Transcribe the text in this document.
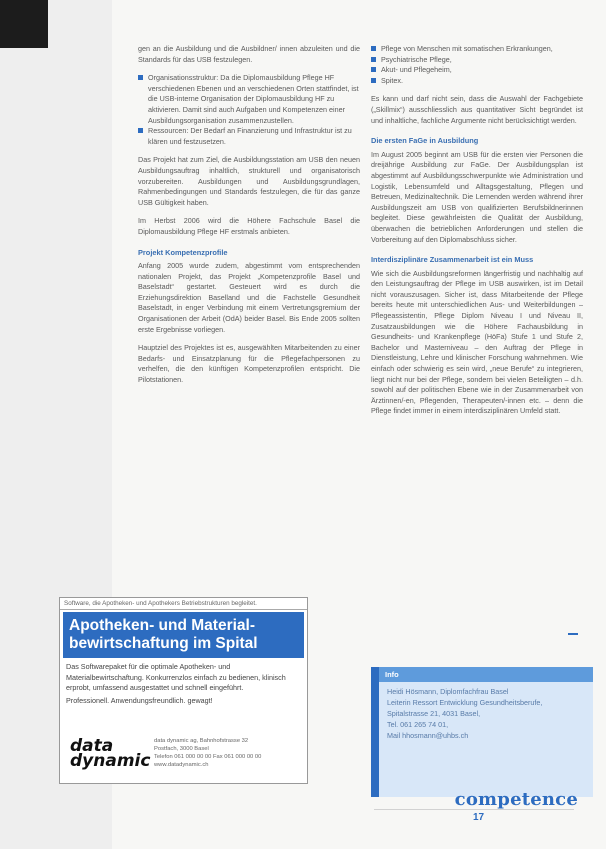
gen an die Ausbildung und die Ausbildner/ innen abzuleiten und die Standards für das USB festzulegen.

Organisationsstruktur: Da die Diplomausbildung Pflege HF verschiedenen Ebenen und an verschiedenen Orten stattfindet, ist die USB-interne Organisation der Diplomausbildung HF zu aktivieren. Damit sind auch Aufgaben und Kompetenzen einer Ausbildungsorganisation zusammenzustellen.
Ressourcen: Der Bedarf an Finanzierung und Infrastruktur ist zu klären und festzusetzen.

Das Projekt hat zum Ziel, die Ausbildungsstation am USB den neuen Ausbildungsauftrag inhaltlich, strukturell und organisatorisch vorzubereiten. Ausbildungen und Ausbildungsgrundlagen, Rahmenbedingungen und Standards festzulegen, die für das ganze USB Gültigkeit haben.

Im Herbst 2006 wird die Höhere Fachschule Basel die Diplomausbildung Pflege HF erstmals anbieten.

Projekt Kompetenzprofile

Anfang 2005 wurde zudem, abgestimmt vom entsprechenden nationalen Projekt, das Projekt „Kompetenzprofile Basel und Baselstadt“ gestartet. Gesteuert wird es durch die Erziehungsdirektion Baselland und die Fachstelle Gesundheit Baselstadt, in enger Verbindung mit einem Vertretungsgremium der Organisationen der Arbeit (OdA) beider Basel. Bis Ende 2005 sollten erste Ergebnisse vorliegen.

Hauptziel des Projektes ist es, ausgewählten Mitarbeitenden zu einer Bedarfs- und Einsatzplanung für die Pflegefachpersonen zu verhelfen, die den künftigen Kompetenzprofilen entspricht. Die Pilotstationen.

Pflege von Menschen mit somatischen Erkrankungen,
Psychiatrische Pflege,
Akut- und Pflegeheim,
Spitex.

Es kann und darf nicht sein, dass die Auswahl der Fachgebiete („Skillmix“) ausschliesslich aus quantitativer Sicht begründet ist und inhaltliche, fachliche Argumente nicht berücksichtigt werden.

Die ersten FaGe in Ausbildung

Im August 2005 beginnt am USB für die ersten vier Personen die dreijährige Ausbildung zur FaGe. Der Ausbildungsplan ist abgestimmt auf Ausbildungsschwerpunkte wie Administration und Logistik, Lebensumfeld und Alltagsgestaltung, Pflegen und Betreuen, Medizinaltechnik. Die Lernenden werden während ihrer Ausbildungszeit am USB von qualifizierten Berufsbildnerinnen begleitet. Diese gewährleisten die Qualität der Ausbildung, überwachen die betrieblichen Anforderungen und stellen die Vorbereitung auf den Diplomabschluss sicher.

Interdisziplinäre Zusammenarbeit ist ein Muss

Wie sich die Ausbildungsreformen längerfristig und nachhaltig auf den Leistungsauftrag der Pflege im USB auswirken, ist im Detail nicht vorauszusagen. Sicher ist, dass Mitarbeitende der Pflege bereits heute mit unterschiedlichen Aus- und Weiterbildungen – Pflegeassistentin, Pflege Diplom Niveau I und Niveau II, Zusatzausbildungen wie die Höhere Fachausbildung in Gesundheits- und Krankenpflege (HöFa) Stufe 1 und Stufe 2, Bachelor und Masterniveau – den Auftrag der Pflege in Dienstleistung, Lehre und klinischer Forschung wahrnehmen. Wie einfach oder schwierig es sein wird, „neue Berufe“ zu integrieren, liegt nicht nur bei der Pflege, sondern bei vielen Beteiligten – d.h. sowohl auf der politischen Ebene wie in der Zusammenarbeit von Ärztinnen/-en, Pflegenden, Therapeuten/-innen etc. – denn die Pflege findet immer in einem interdisziplinären Umfeld statt.

Software, die Apotheken- und Apothekers Betriebstrukturen begleitet.
Apotheken- und Material-
bewirtschaftung im Spital
Das Softwarepaket für die optimale Apotheken- und Materialbewirtschaftung. Konkurrenzlos einfach zu bedienen, klinisch erprobt, umfassend ausgestattet und schnell eingeführt.
Professionell. Anwendungsfreundlich. gewagt!
data
dynamic
data dynamic ag, Bahnhofstrasse 32
Postfach, 3000 Basel
Telefon 061 000 00 00 Fax 061 000 00 00
www.datadynamic.ch
Info
Heidi Hösmann, Diplomfachfrau Basel
Leiterin Ressort Entwicklung Gesundheitsberufe, Spitalstrasse 21, 4031 Basel,
Tel. 061 265 74 01,
Mail hhosmann@uhbs.ch
competence
17
